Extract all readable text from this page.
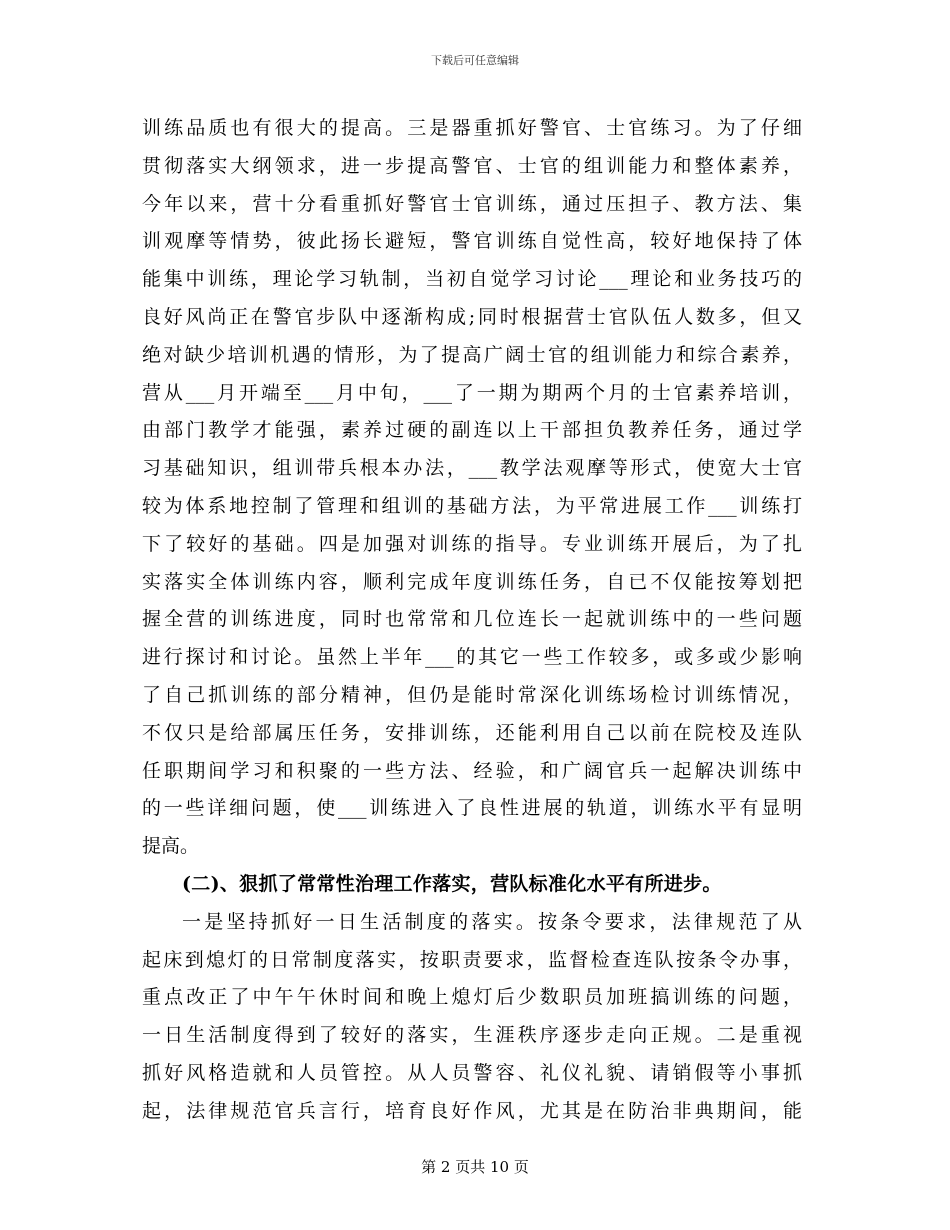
下载后可任意编辑
训练品质也有很大的提高。三是器重抓好警官、士官练习。为了仔细
贯彻落实大纲领求，进一步提高警官、士官的组训能力和整体素养，
今年以来，营十分看重抓好警官士官训练，通过压担子、教方法、集
训观摩等情势，彼此扬长避短，警官训练自觉性高，较好地保持了体
能集中训练，理论学习轨制，当初自觉学习讨论___理论和业务技巧的
良好风尚正在警官步队中逐渐构成;同时根据营士官队伍人数多，但又
绝对缺少培训机遇的情形，为了提高广阔士官的组训能力和综合素养，
营从___月开端至___月中旬，___了一期为期两个月的士官素养培训，
由部门教学才能强，素养过硬的副连以上干部担负教养任务，通过学
习基础知识，组训带兵根本办法，___教学法观摩等形式，使宽大士官
较为体系地控制了管理和组训的基础方法，为平常进展工作___训练打
下了较好的基础。四是加强对训练的指导。专业训练开展后，为了扎
实落实全体训练内容，顺利完成年度训练任务，自已不仅能按筹划把
握全营的训练进度，同时也常常和几位连长一起就训练中的一些问题
进行探讨和讨论。虽然上半年___的其它一些工作较多，或多或少影响
了自己抓训练的部分精神，但仍是能时常深化训练场检讨训练情况，
不仅只是给部属压任务，安排训练，还能利用自己以前在院校及连队
任职期间学习和积聚的一些方法、经验，和广阔官兵一起解决训练中
的一些详细问题，使___训练进入了良性进展的轨道，训练水平有显明
提高。
(二)、狠抓了常常性治理工作落实，营队标准化水平有所进步。
一是坚持抓好一日生活制度的落实。按条令要求，法律规范了从
起床到熄灯的日常制度落实，按职责要求，监督检查连队按条令办事，
重点改正了中午午休时间和晚上熄灯后少数职员加班搞训练的问题，
一日生活制度得到了较好的落实，生涯秩序逐步走向正规。二是重视
抓好风格造就和人员管控。从人员警容、礼仪礼貌、请销假等小事抓
起，法律规范官兵言行，培育良好作风，尤其是在防治非典期间，能
第 2 页共 10 页
